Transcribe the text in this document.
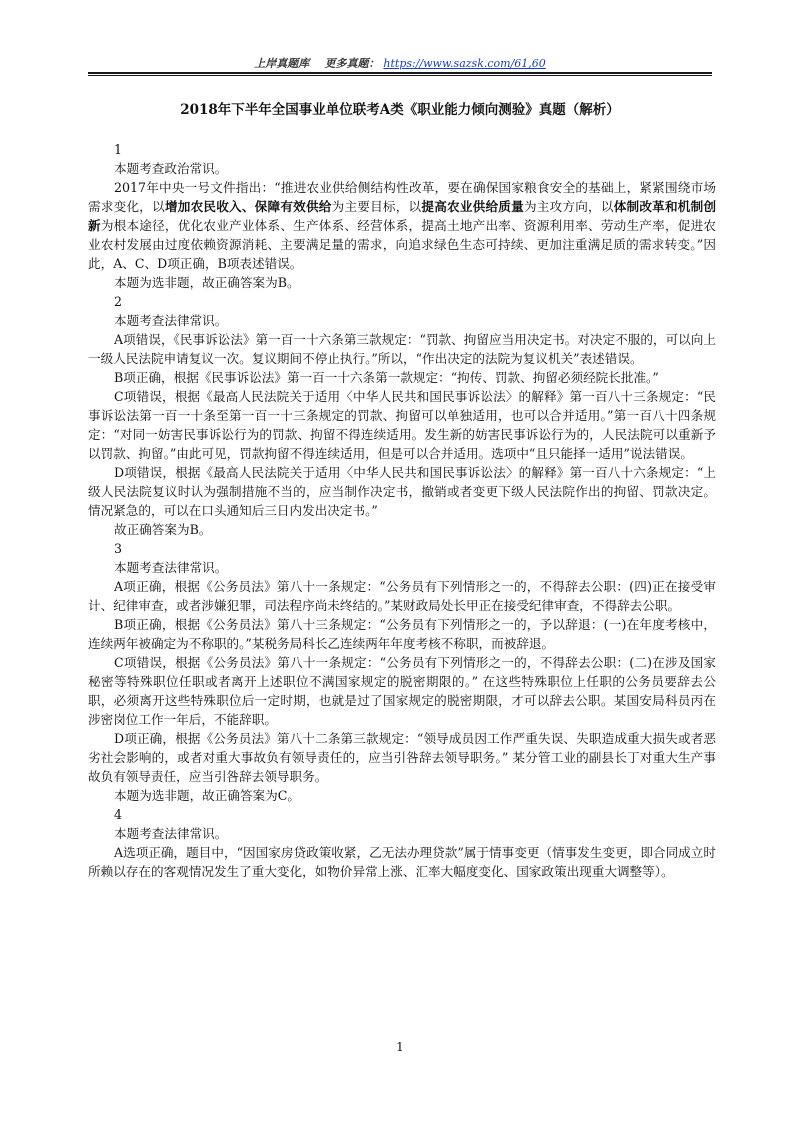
上岸真题库 更多真题： https://www.sazsk.com/61,60
2018年下半年全国事业单位联考A类《职业能力倾向测验》真题（解析）

1

本题考查政治常识。

2017年中央一号文件指出：“推进农业供给侧结构性改革，要在确保国家粮食安全的基础上，紧紧围绕市场需求变化，以增加农民收入、保障有效供给为主要目标，以提高农业供给质量为主攻方向，以体制改革和机制创新为根本途径，优化农业产业体系、生产体系、经营体系，提高土地产出率、资源利用率、劳动生产率，促进农业农村发展由过度依赖资源消耗、主要满足量的需求，向追求绿色生态可持续、更加注重满足质的需求转变。”因此，A、C、D项正确，B项表述错误。

本题为选非题，故正确答案为B。

2

本题考查法律常识。

A项错误，《民事诉讼法》第一百一十六条第三款规定：“罚款、拘留应当用决定书。对决定不服的，可以向上一级人民法院申请复议一次。复议期间不停止执行。”所以，“作出决定的法院为复议机关”表述错误。

B项正确，根据《民事诉讼法》第一百一十六条第一款规定：“拘传、罚款、拘留必须经院长批准。”

C项错误，根据《最高人民法院关于适用〈中华人民共和国民事诉讼法〉的解释》第一百八十三条规定：“民事诉讼法第一百一十条至第一百一十三条规定的罚款、拘留可以单独适用，也可以合并适用。”第一百八十四条规定：“对同一妨害民事诉讼行为的罚款、拘留不得连续适用。发生新的妨害民事诉讼行为的，人民法院可以重新予以罚款、拘留。”由此可见，罚款拘留不得连续适用，但是可以合并适用。选项中“且只能择一适用”说法错误。

D项错误，根据《最高人民法院关于适用〈中华人民共和国民事诉讼法〉的解释》第一百八十六条规定：“上级人民法院复议时认为强制措施不当的，应当制作决定书，撤销或者变更下级人民法院作出的拘留、罚款决定。情况紧急的，可以在口头通知后三日内发出决定书。”

故正确答案为B。

3

本题考查法律常识。

A项正确，根据《公务员法》第八十一条规定：“公务员有下列情形之一的，不得辞去公职：(四)正在接受审计、纪律审查，或者涉嫌犯罪，司法程序尚未终结的。”某财政局处长甲正在接受纪律审查，不得辞去公职。

B项正确，根据《公务员法》第八十三条规定：“公务员有下列情形之一的，予以辞退：(一)在年度考核中，连续两年被确定为不称职的。”某税务局科长乙连续两年年度考核不称职，而被辞退。

C项错误，根据《公务员法》第八十一条规定：“公务员有下列情形之一的，不得辞去公职：(二)在涉及国家秘密等特殊职位任职或者离开上述职位不满国家规定的脱密期限的。” 在这些特殊职位上任职的公务员要辞去公职，必须离开这些特殊职位后一定时期，也就是过了国家规定的脱密期限，才可以辞去公职。某国安局科员丙在涉密岗位工作一年后，不能辞职。

D项正确，根据《公务员法》第八十二条第三款规定：“领导成员因工作严重失误、失职造成重大损失或者恶劣社会影响的，或者对重大事故负有领导责任的，应当引咎辞去领导职务。” 某分管工业的副县长丁对重大生产事故负有领导责任，应当引咎辞去领导职务。

本题为选非题，故正确答案为C。

4

本题考查法律常识。

A选项正确，题目中，“因国家房贷政策收紧，乙无法办理贷款”属于情事变更（情事发生变更，即合同成立时所赖以存在的客观情况发生了重大变化，如物价异常上涨、汇率大幅度变化、国家政策出现重大调整等）。

1
